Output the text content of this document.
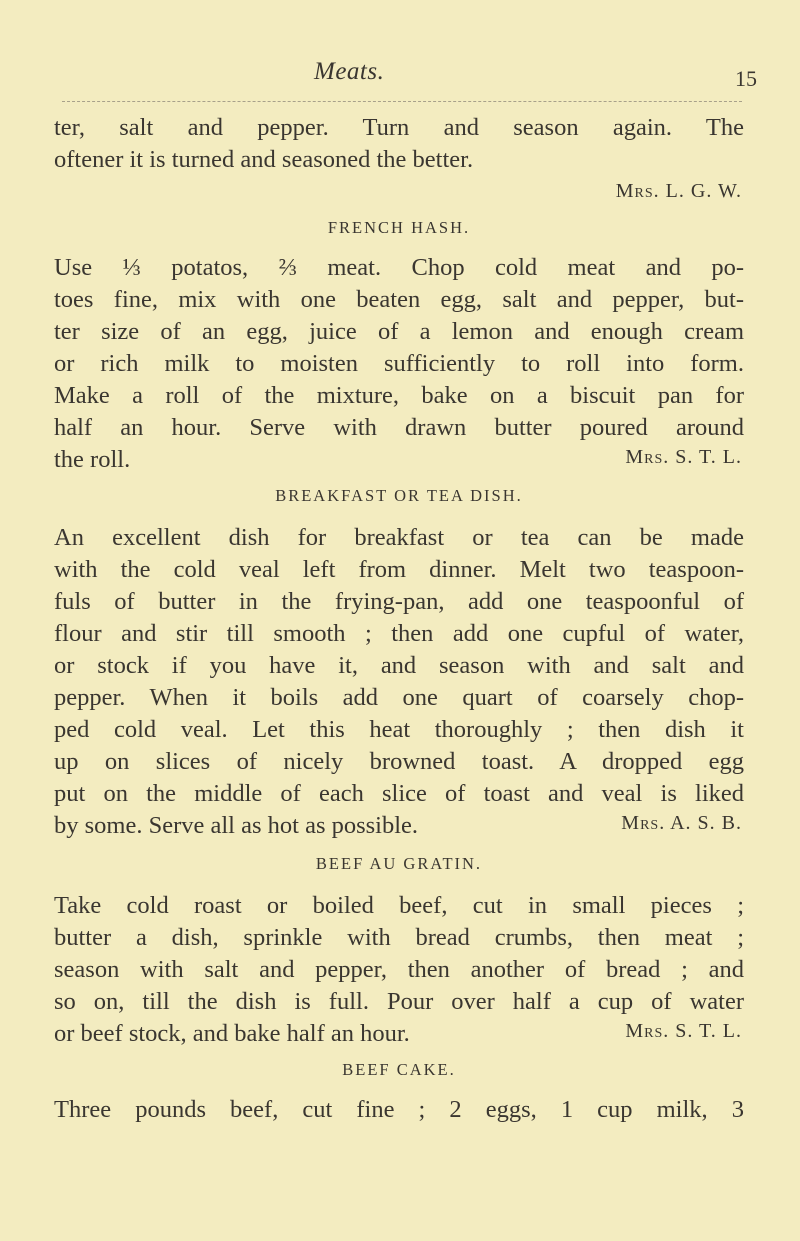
Meats.	15
ter, salt and pepper. Turn and season again. The
oftener it is turned and seasoned the better.
Mrs. L. G. W.
FRENCH HASH.
Use ⅓ potatos, ⅔ meat. Chop cold meat and po-
toes fine, mix with one beaten egg, salt and pepper, but-
ter size of an egg, juice of a lemon and enough cream
or rich milk to moisten sufficiently to roll into form.
Make a roll of the mixture, bake on a biscuit pan for
half an hour. Serve with drawn butter poured around
the roll.	Mrs. S. T. L.
BREAKFAST OR TEA DISH.
An excellent dish for breakfast or tea can be made
with the cold veal left from dinner. Melt two teaspoon-
fuls of butter in the frying-pan, add one teaspoonful of
flour and stir till smooth ; then add one cupful of water,
or stock if you have it, and season with and salt and
pepper. When it boils add one quart of coarsely chop-
ped cold veal. Let this heat thoroughly ; then dish it
up on slices of nicely browned toast. A dropped egg
put on the middle of each slice of toast and veal is liked
by some. Serve all as hot as possible.	Mrs. A. S. B.
BEEF AU GRATIN.
Take cold roast or boiled beef, cut in small pieces ;
butter a dish, sprinkle with bread crumbs, then meat ;
season with salt and pepper, then another of bread ; and
so on, till the dish is full. Pour over half a cup of water
or beef stock, and bake half an hour.	Mrs. S. T. L.
BEEF CAKE.
Three pounds beef, cut fine ; 2 eggs, 1 cup milk, 3
